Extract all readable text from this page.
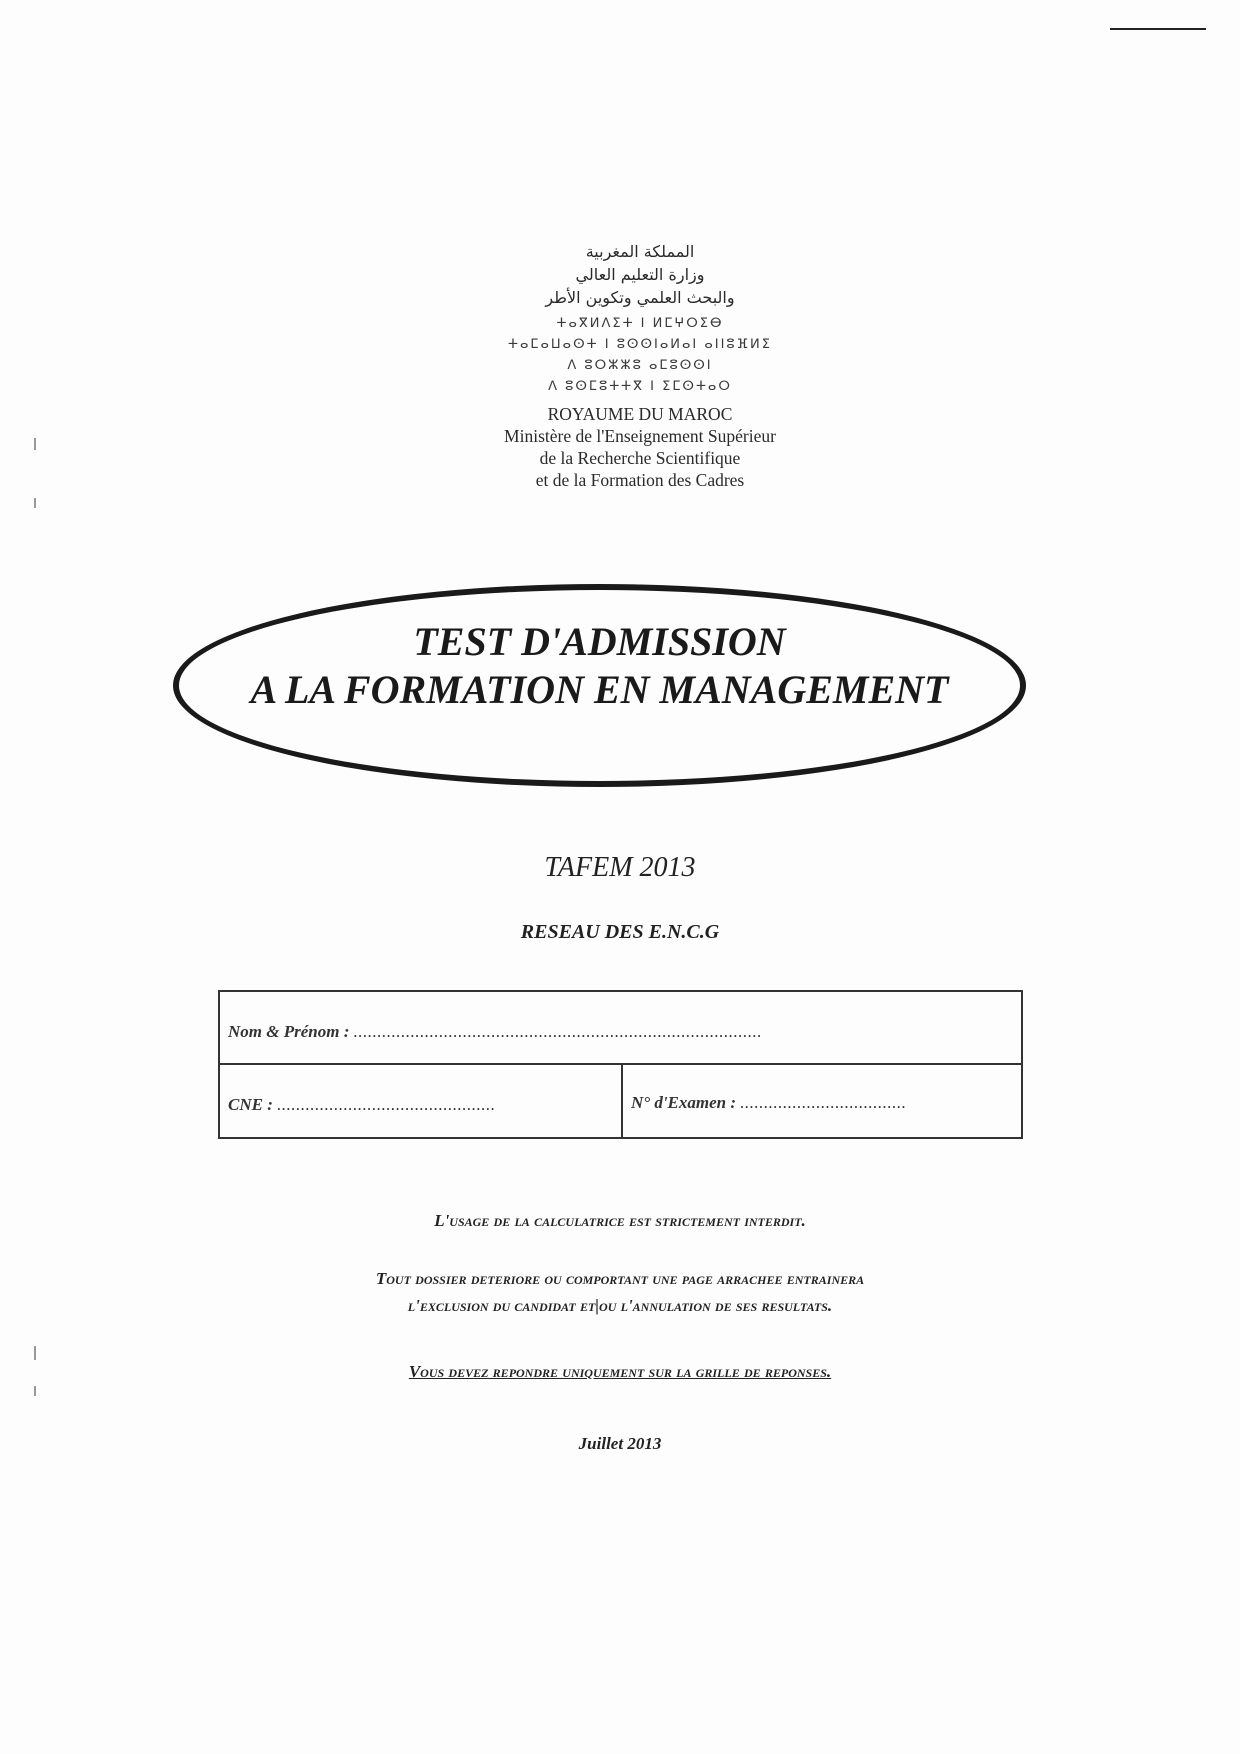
المملكة المغربية
وزارة التعليم العالي
والبحث العلمي وتكوين الأطر
ⵜⴰⴳⵍⴷⵉⵜ ⵏ ⵍⵎⵖⵔⵉⴱ
ⵜⴰⵎⴰⵡⴰⵙⵜ ⵏ ⵓⵙⵙⵏⴰⵍⴰⵏ ⴰⵏⵏⵓⴼⵍⵉ
ⴷ ⵓⵔⵣⵣⵓ ⴰⵎⵓⵙⵙⵏ
ⴷ ⵓⵙⵎⵓⵜⵜⴳ ⵏ ⵉⵎⵙⵜⴰⵔ
ROYAUME DU MAROC
Ministère de l'Enseignement Supérieur
de la Recherche Scientifique
et de la Formation des Cadres
TEST D'ADMISSION
A LA FORMATION EN MANAGEMENT
TAFEM 2013
RESEAU DES E.N.C.G
Nom & Prénom : ......................................................................................
CNE : ..............................................	N° d'Examen : ...................................
L'usage de la calculatrice est strictement interdit.
Tout dossier deteriore ou comportant une page arrachee entrainera
l'exclusion du candidat et|ou l'annulation de ses resultats.
Vous devez repondre uniquement sur la grille de reponses.
Juillet 2013
